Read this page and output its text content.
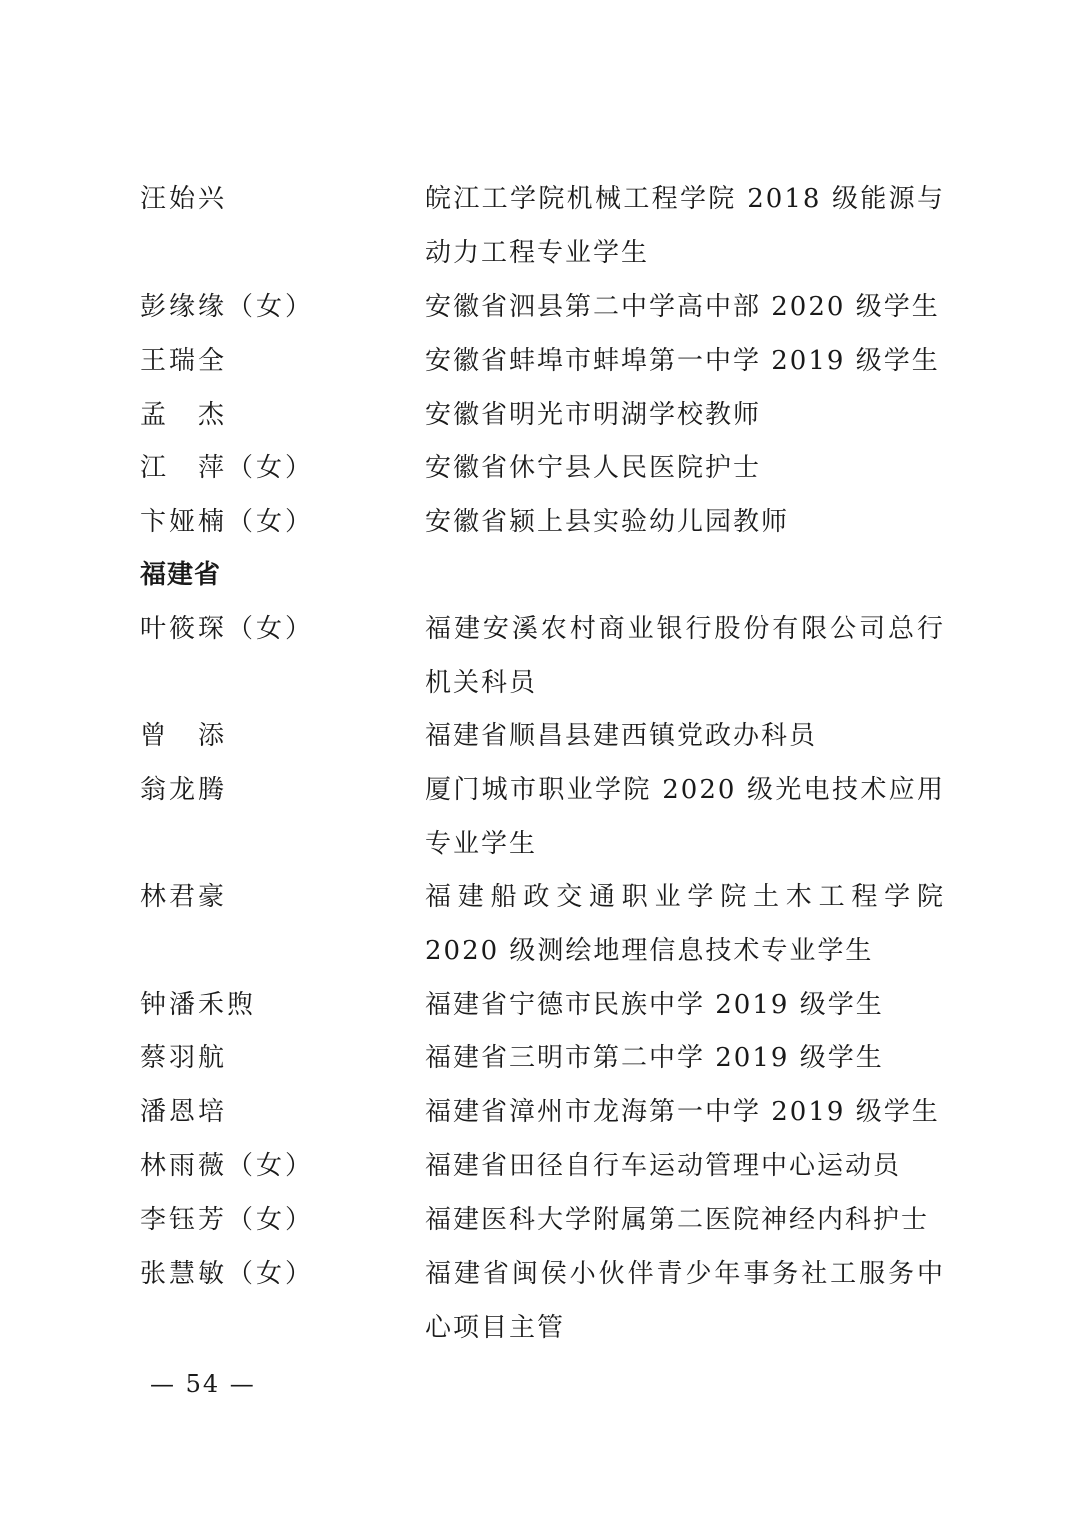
汪始兴	皖江工学院机械工程学院 2018 级能源与
动力工程专业学生
彭缘缘（女）	安徽省泗县第二中学高中部 2020 级学生
王瑞全	安徽省蚌埠市蚌埠第一中学 2019 级学生
孟　杰	安徽省明光市明湖学校教师
江　萍（女）	安徽省休宁县人民医院护士
卞娅楠（女）	安徽省颍上县实验幼儿园教师
福建省
叶筱琛（女）	福建安溪农村商业银行股份有限公司总行
机关科员
曾　添	福建省顺昌县建西镇党政办科员
翁龙腾	厦门城市职业学院 2020 级光电技术应用
专业学生
林君豪	福建船政交通职业学院土木工程学院
2020 级测绘地理信息技术专业学生
钟潘禾煦	福建省宁德市民族中学 2019 级学生
蔡羽航	福建省三明市第二中学 2019 级学生
潘恩培	福建省漳州市龙海第一中学 2019 级学生
林雨薇（女）	福建省田径自行车运动管理中心运动员
李钰芳（女）	福建医科大学附属第二医院神经内科护士
张慧敏（女）	福建省闽侯小伙伴青少年事务社工服务中
心项目主管
— 54 —
